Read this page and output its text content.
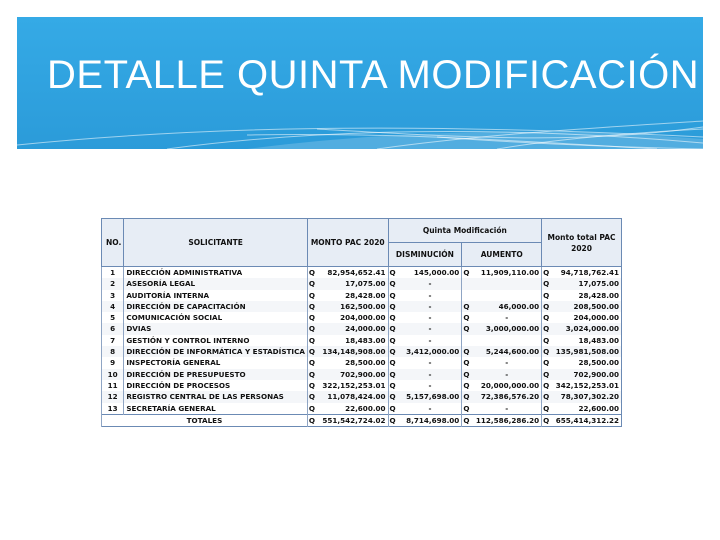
DETALLE QUINTA MODIFICACIÓN
NO.	SOLICITANTE	MONTO PAC 2020		Quinta Modificación				Monto total PAC
2020	

				DISMINUCIÓN		AUMENTO			
1	DIRECCIÓN ADMINISTRATIVA	Q	82,954,652.41	Q	145,000.00	Q	11,909,110.00	Q	94,718,762.41
2	ASESORÍA LEGAL	Q	17,075.00	Q	-			Q	17,075.00
3	AUDITORÍA INTERNA	Q	28,428.00	Q	-			Q	28,428.00
4	DIRECCIÓN DE CAPACITACIÓN	Q	162,500.00	Q	-	Q	46,000.00	Q	208,500.00
5	COMUNICACIÓN SOCIAL	Q	204,000.00	Q	-	Q	-	Q	204,000.00
6	DVIAS	Q	24,000.00	Q	-	Q	3,000,000.00	Q	3,024,000.00
7	GESTIÓN Y CONTROL INTERNO	Q	18,483.00	Q	-			Q	18,483.00
8	DIRECCIÓN DE INFORMÁTICA Y ESTADÍSTICA	Q	134,148,908.00	Q	3,412,000.00	Q	5,244,600.00	Q	135,981,508.00
9	INSPECTORÍA GENERAL	Q	28,500.00	Q	-	Q	-	Q	28,500.00
10	DIRECCIÓN DE PRESUPUESTO	Q	702,900.00	Q	-	Q	-	Q	702,900.00
11	DIRECCIÓN DE PROCESOS	Q	322,152,253.01	Q	-	Q	20,000,000.00	Q	342,152,253.01
12	REGISTRO CENTRAL DE LAS PERSONAS	Q	11,078,424.00	Q	5,157,698.00	Q	72,386,576.20	Q	78,307,302.20
13	SECRETARÍA GENERAL	Q	22,600.00	Q	-	Q	-	Q	22,600.00
TOTALES		Q	551,542,724.02	Q	8,714,698.00	Q	112,586,286.20	Q	655,414,312.22
